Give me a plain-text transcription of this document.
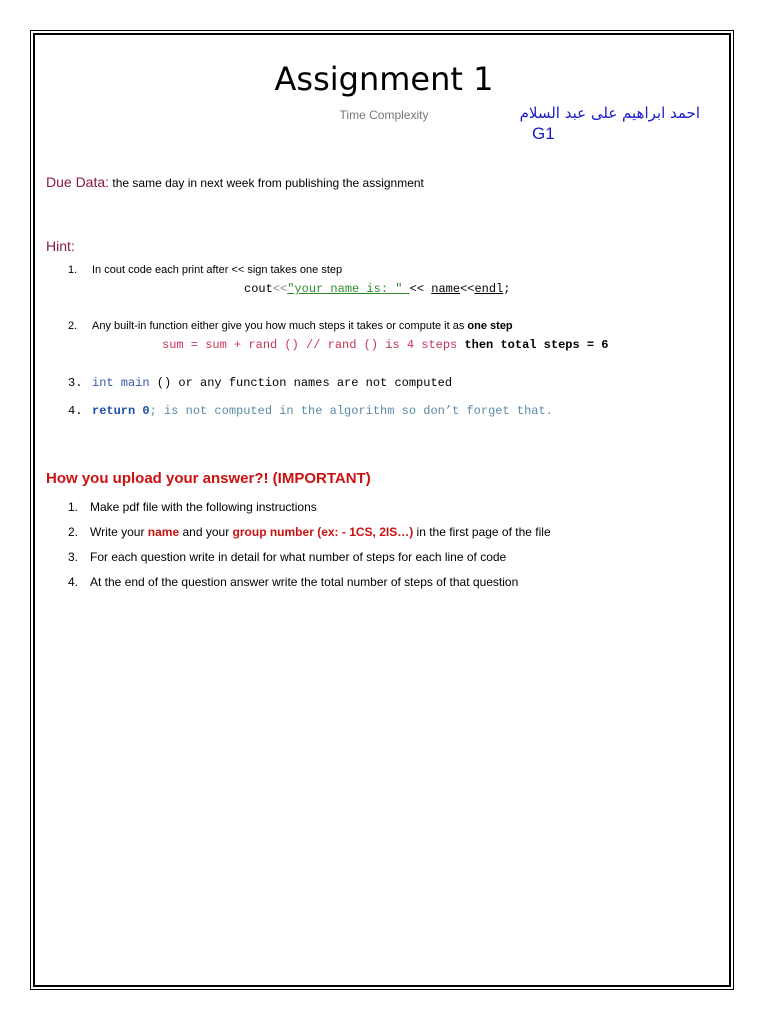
Assignment 1
Time Complexity	احمد ابراهيم على عبد السلام
G1
Due Data: the same day in next week from publishing the assignment
Hint:
1. In cout code each print after << sign takes one step
cout<<"your name is: " << name<<endl;
2. Any built-in function either give you how much steps it takes or compute it as one step
sum = sum + rand () // rand () is 4 steps then total steps = 6
3. int main () or any function names are not computed
4. return 0; is not computed in the algorithm so don’t forget that.
How you upload your answer?! (IMPORTANT)
1. Make pdf file with the following instructions
2. Write your name and your group number (ex: - 1CS, 2IS…) in the first page of the file
3. For each question write in detail for what number of steps for each line of code
4. At the end of the question answer write the total number of steps of that question
